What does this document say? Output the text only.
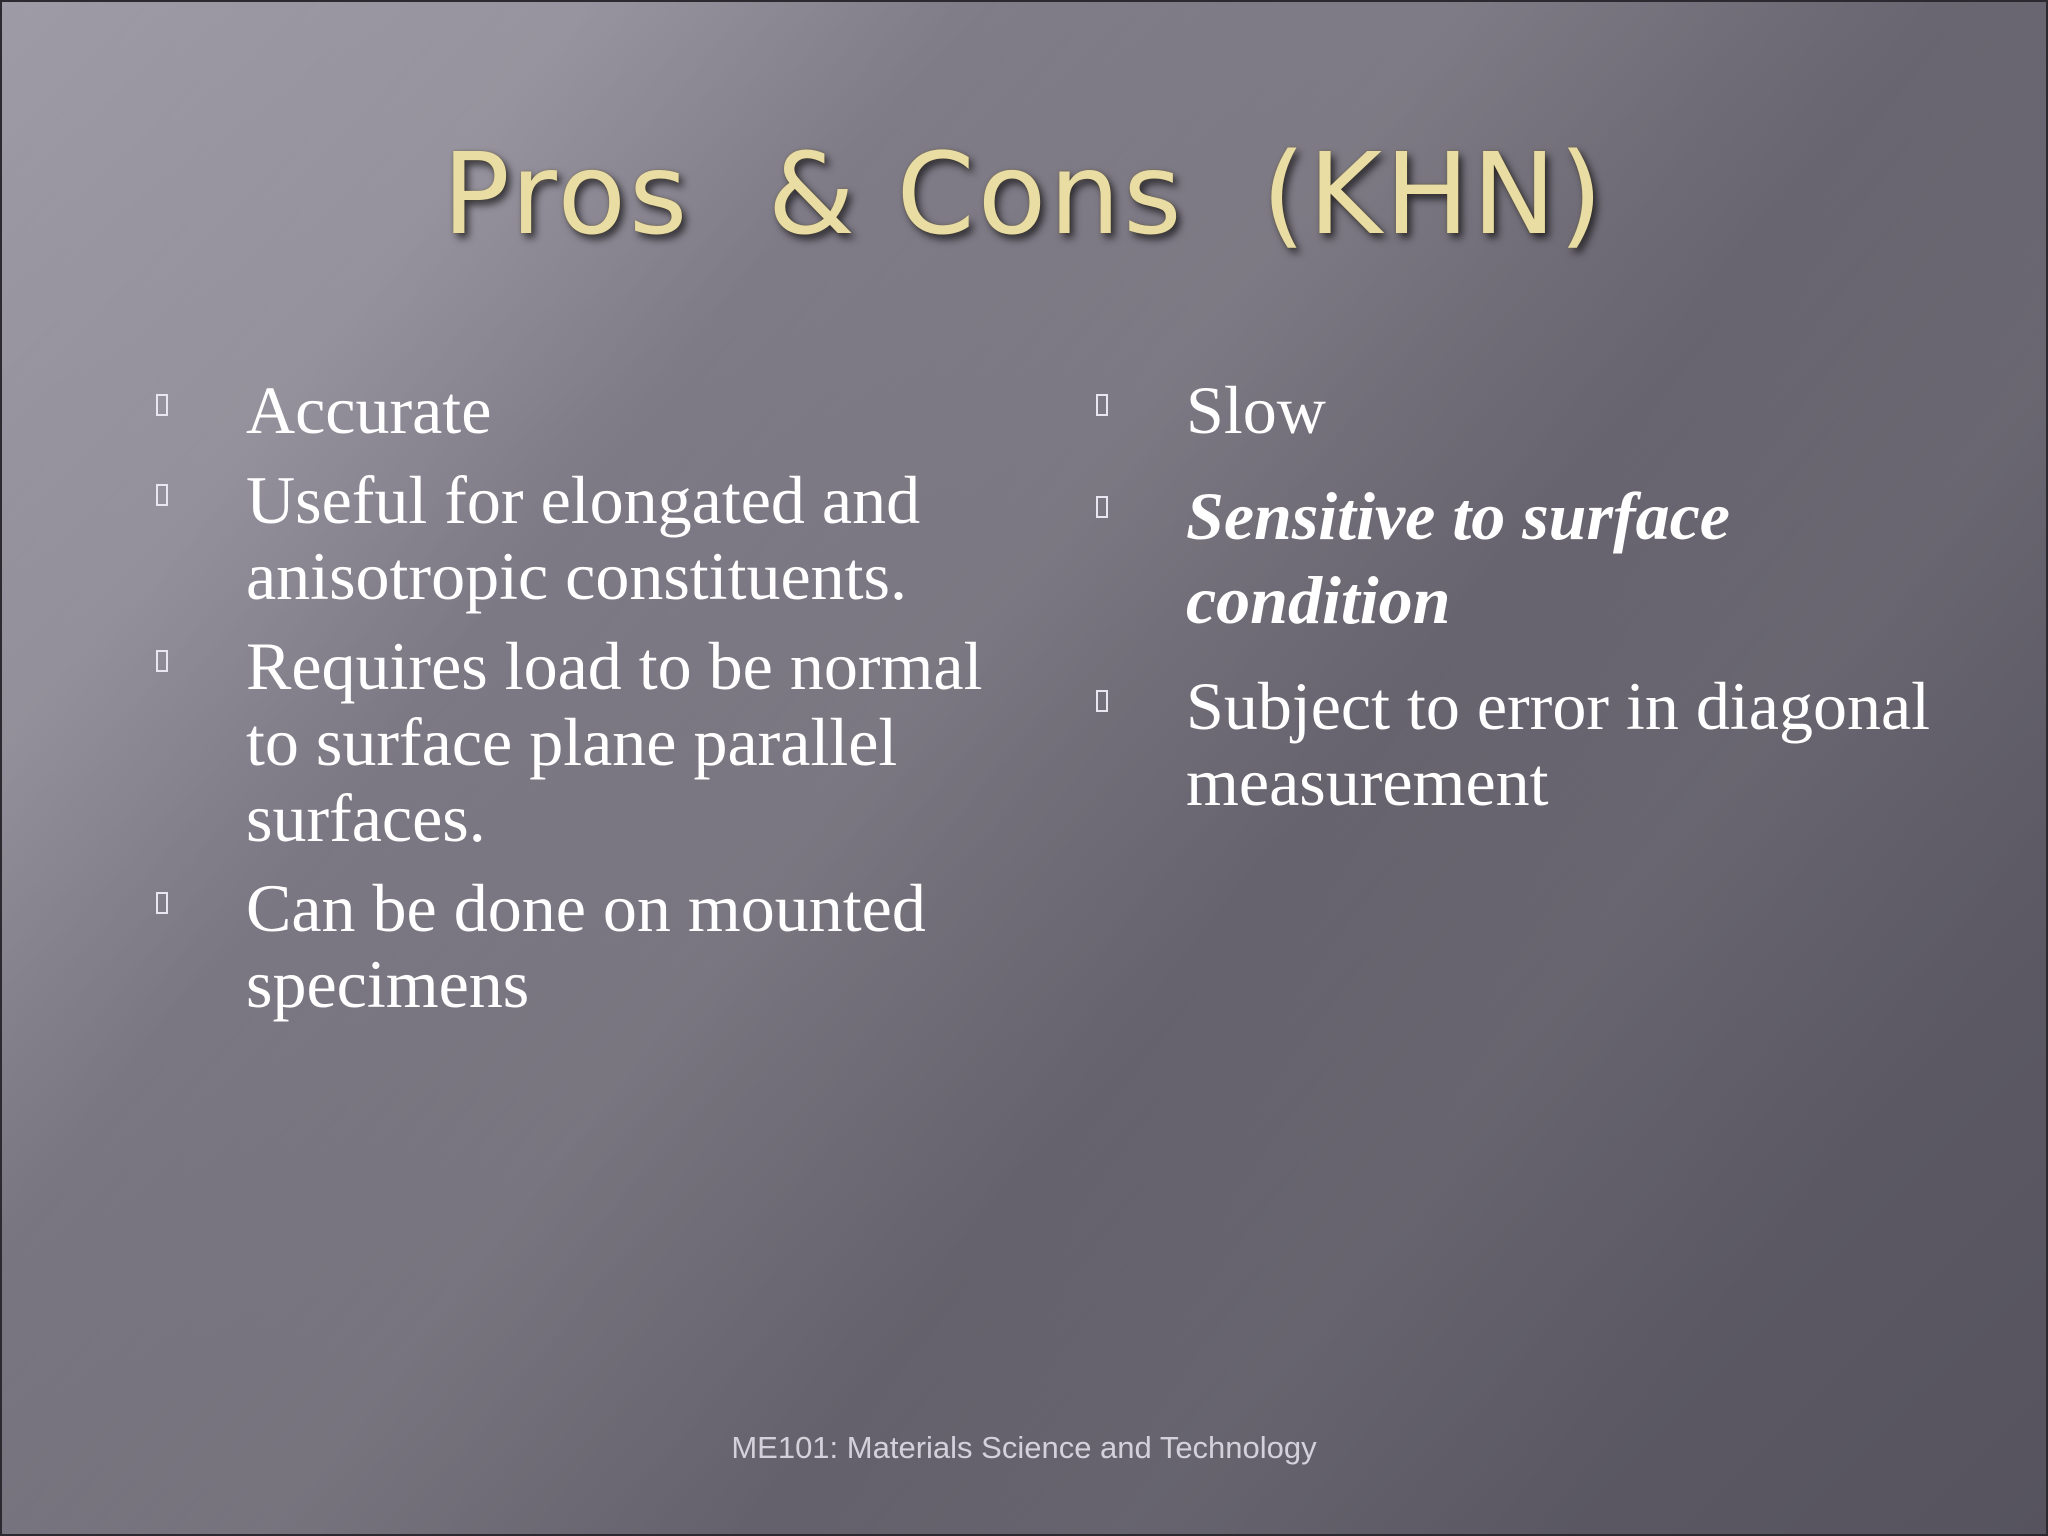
Pros  & Cons  (KHN)
Accurate
Useful for elongated and anisotropic constituents.
Requires load to be normal to surface plane parallel surfaces.
Can be done on mounted specimens
Slow
Sensitive to surface condition
Subject to error in diagonal measurement
ME101: Materials Science and Technology
